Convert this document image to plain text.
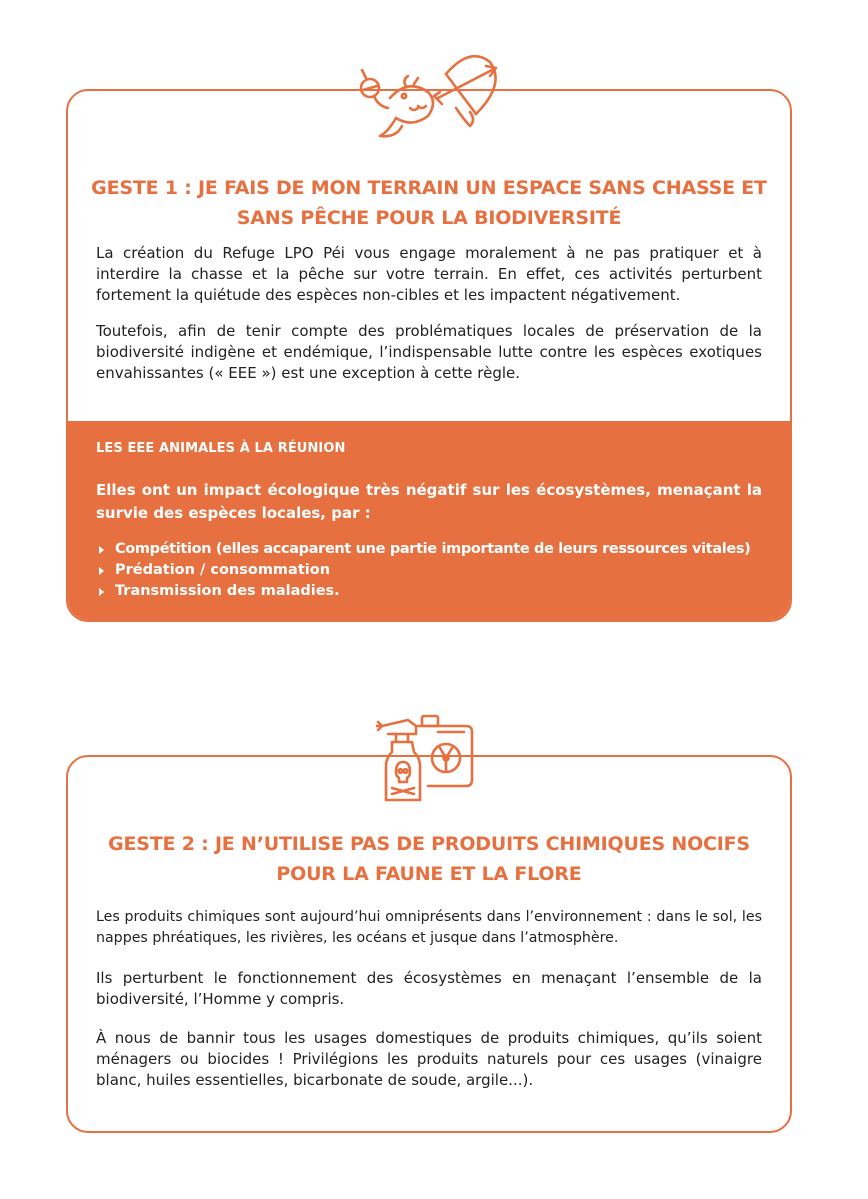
GESTE 1 : JE FAIS DE MON TERRAIN UN ESPACE SANS CHASSE ET
SANS PÊCHE POUR LA BIODIVERSITÉ

La création du Refuge LPO Péi vous engage moralement à ne pas pratiquer et à interdire la chasse et la pêche sur votre terrain. En effet, ces activités perturbent fortement la quiétude des espèces non-cibles et les impactent négativement.

Toutefois, afin de tenir compte des problématiques locales de préservation de la biodiversité indigène et endémique, l’indispensable lutte contre les espèces exotiques envahissantes (« EEE ») est une exception à cette règle.

LES EEE ANIMALES À LA RÉUNION

Elles ont un impact écologique très négatif sur les écosystèmes, menaçant la survie des espèces locales, par :

Compétition (elles accaparent une partie importante de leurs ressources vitales)
Prédation / consommation
Transmission des maladies.

GESTE 2 : JE N’UTILISE PAS DE PRODUITS CHIMIQUES NOCIFS
POUR LA FAUNE ET LA FLORE

Les produits chimiques sont aujourd’hui omniprésents dans l’environnement : dans le sol, les nappes phréatiques, les rivières, les océans et jusque dans l’atmosphère.

Ils perturbent le fonctionnement des écosystèmes en menaçant l’ensemble de la biodiversité, l’Homme y compris.

À nous de bannir tous les usages domestiques de produits chimiques, qu’ils soient ménagers ou biocides ! Privilégions les produits naturels pour ces usages (vinaigre blanc, huiles essentielles, bicarbonate de soude, argile...).
